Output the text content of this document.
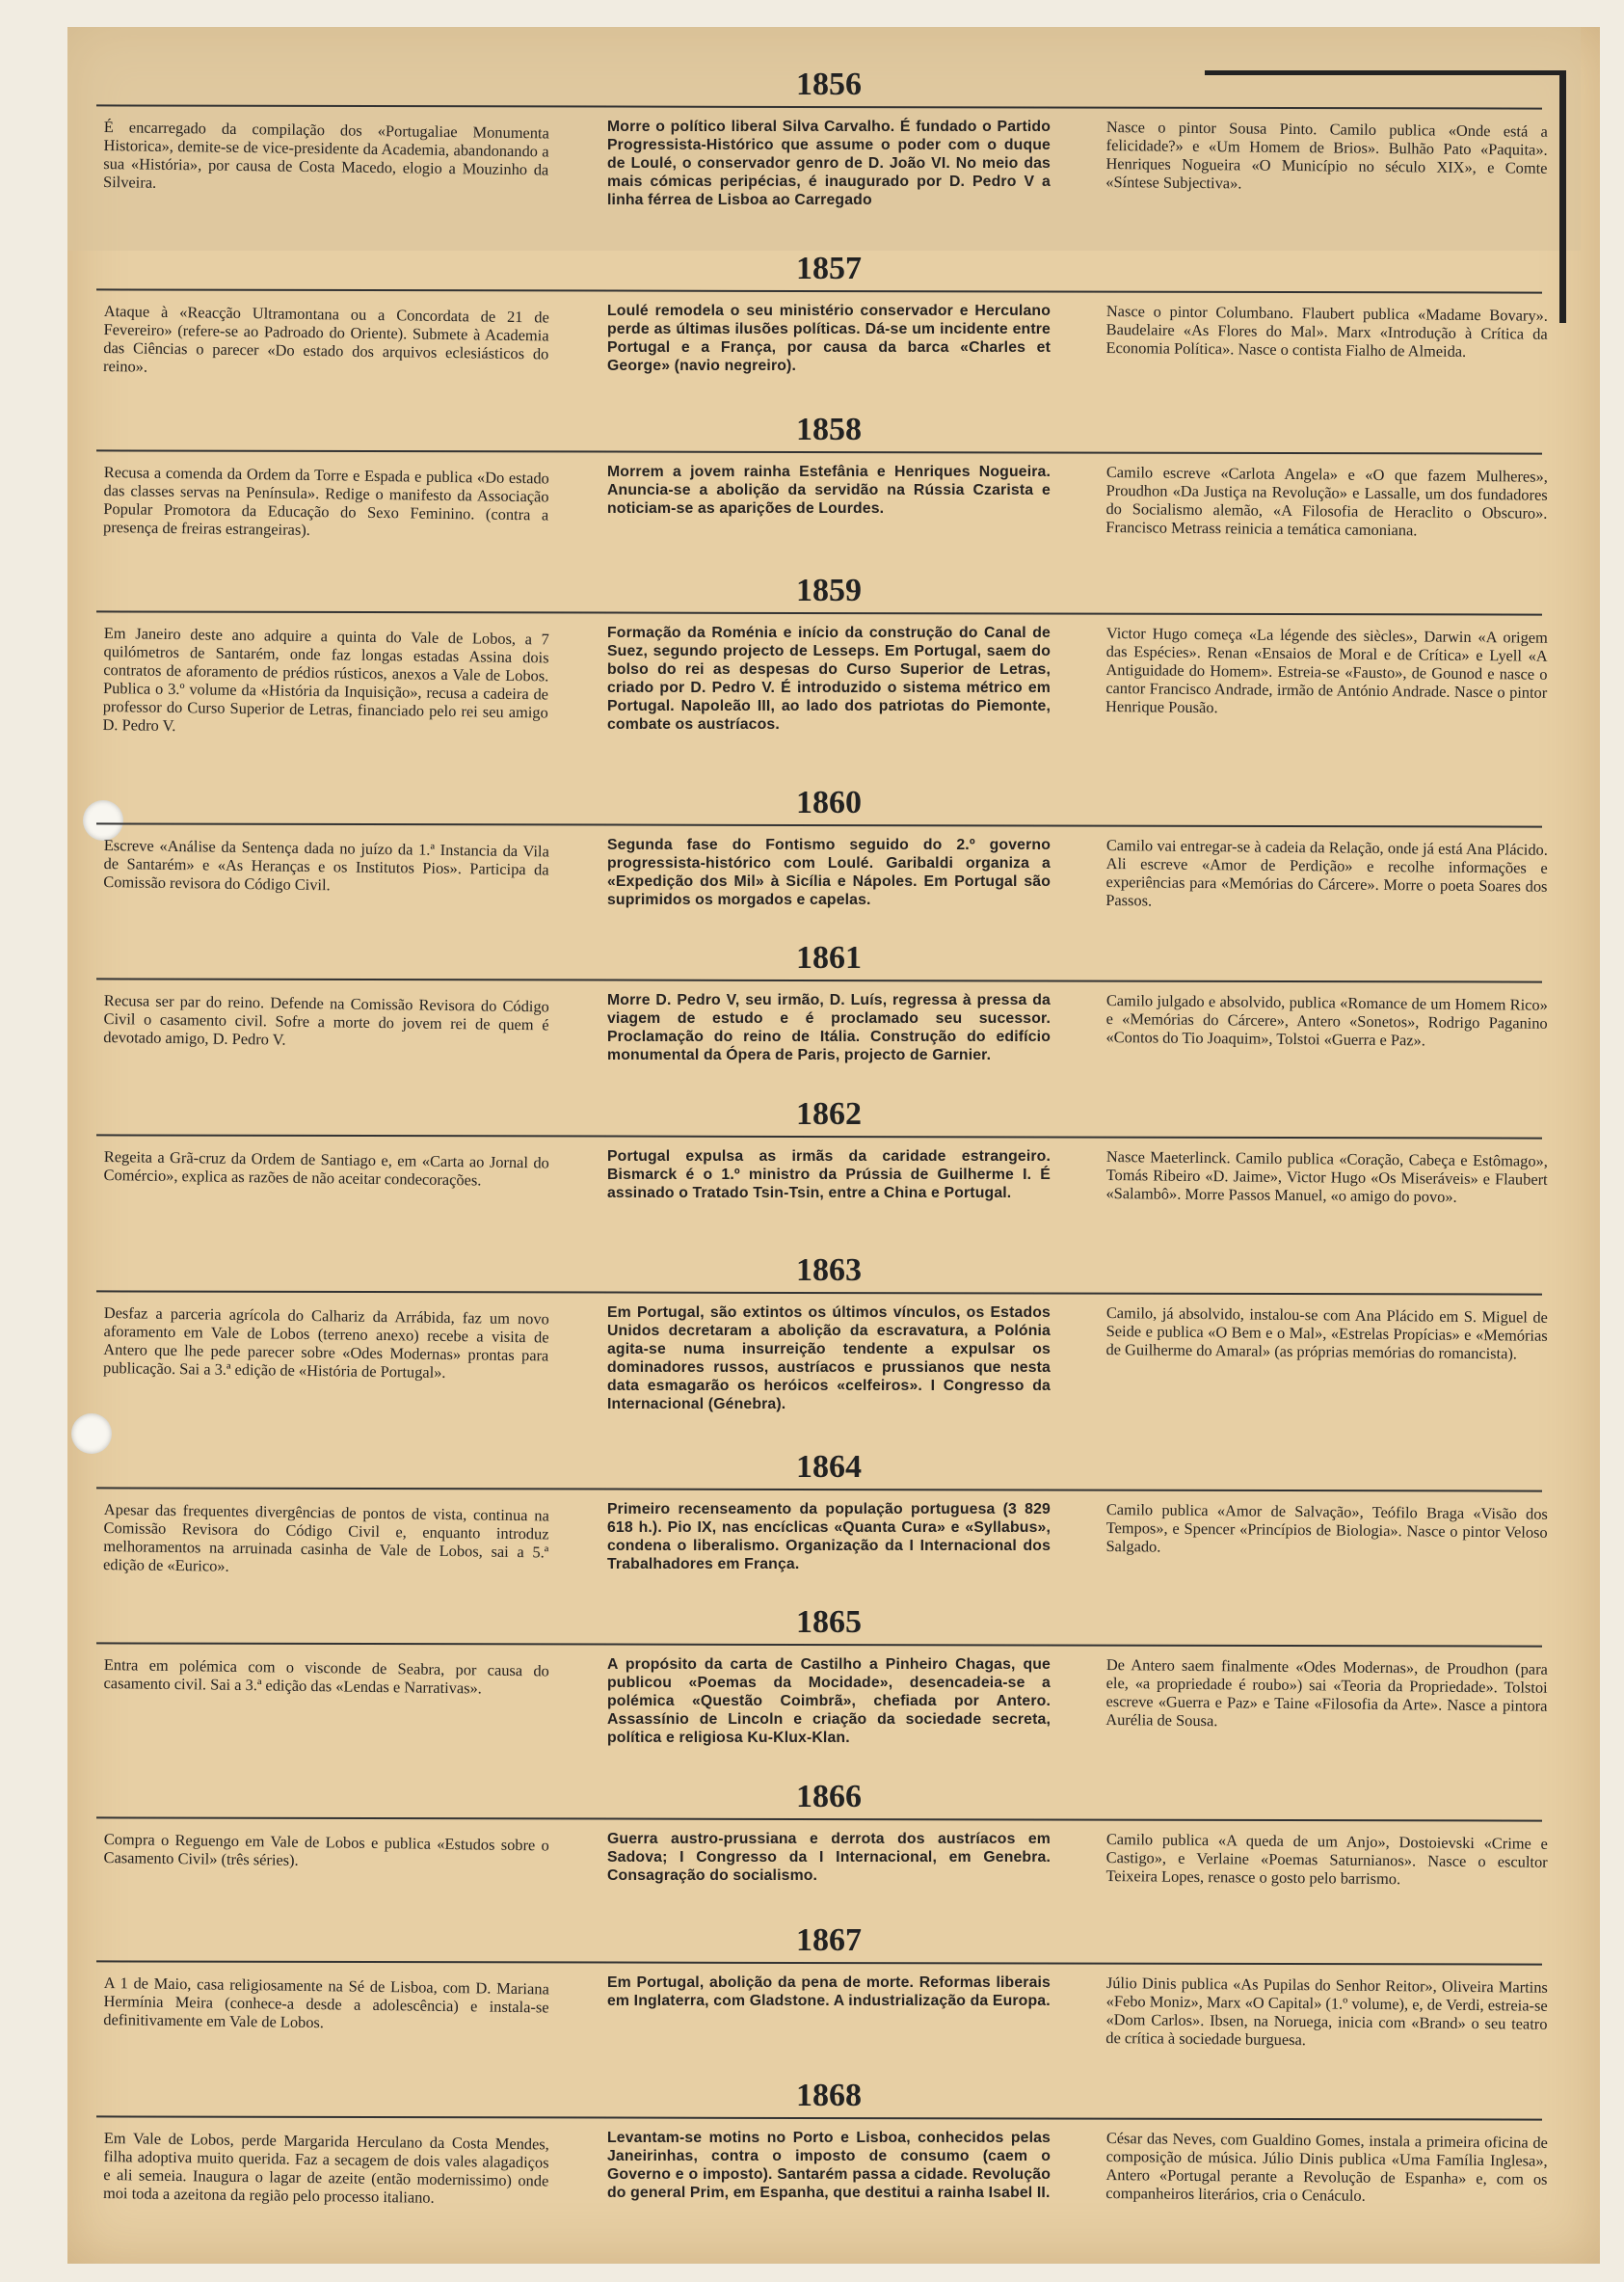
1856
É encarregado da compilação dos «Portugaliae Monumenta Historica», demite-se de vice-presidente da Academia, abandonando a sua «História», por causa de Costa Macedo, elogio a Mouzinho da Silveira.
Morre o político liberal Silva Carvalho. É fundado o Partido Progressista-Histórico que assume o poder com o duque de Loulé, o conservador genro de D. João VI. No meio das mais cómicas peripécias, é inaugurado por D. Pedro V a linha férrea de Lisboa ao Carregado
Nasce o pintor Sousa Pinto. Camilo publica «Onde está a felicidade?» e «Um Homem de Brios». Bulhão Pato «Paquita». Henriques Nogueira «O Município no século XIX», e Comte «Síntese Subjectiva».
1857
Ataque à «Reacção Ultramontana ou a Concordata de 21 de Fevereiro» (refere-se ao Padroado do Oriente). Submete à Academia das Ciências o parecer «Do estado dos arquivos eclesiásticos do reino».
Loulé remodela o seu ministério conservador e Herculano perde as últimas ilusões políticas. Dá-se um incidente entre Portugal e a França, por causa da barca «Charles et George» (navio negreiro).
Nasce o pintor Columbano. Flaubert publica «Madame Bovary». Baudelaire «As Flores do Mal». Marx «Introdução à Crítica da Economia Política». Nasce o contista Fialho de Almeida.
1858
Recusa a comenda da Ordem da Torre e Espada e publica «Do estado das classes servas na Península». Redige o manifesto da Associação Popular Promotora da Educação do Sexo Feminino. (contra a presença de freiras estrangeiras).
Morrem a jovem rainha Estefânia e Henriques Nogueira. Anuncia-se a abolição da servidão na Rússia Czarista e noticiam-se as aparições de Lourdes.
Camilo escreve «Carlota Angela» e «O que fazem Mulheres», Proudhon «Da Justiça na Revolução» e Lassalle, um dos fundadores do Socialismo alemão, «A Filosofia de Heraclito o Obscuro». Francisco Metrass reinicia a temática camoniana.
1859
Em Janeiro deste ano adquire a quinta do Vale de Lobos, a 7 quilómetros de Santarém, onde faz longas estadas Assina dois contratos de aforamento de prédios rústicos, anexos a Vale de Lobos. Publica o 3.º volume da «História da Inquisição», recusa a cadeira de professor do Curso Superior de Letras, financiado pelo rei seu amigo D. Pedro V.
Formação da Roménia e início da construção do Canal de Suez, segundo projecto de Lesseps. Em Portugal, saem do bolso do rei as despesas do Curso Superior de Letras, criado por D. Pedro V. É introduzido o sistema métrico em Portugal. Napoleão III, ao lado dos patriotas do Piemonte, combate os austríacos.
Victor Hugo começa «La légende des siècles», Darwin «A origem das Espécies». Renan «Ensaios de Moral e de Crítica» e Lyell «A Antiguidade do Homem». Estreia-se «Fausto», de Gounod e nasce o cantor Francisco Andrade, irmão de António Andrade. Nasce o pintor Henrique Pousão.
1860
Escreve «Análise da Sentença dada no juízo da 1.ª Instancia da Vila de Santarém» e «As Heranças e os Institutos Pios». Participa da Comissão revisora do Código Civil.
Segunda fase do Fontismo seguido do 2.º governo progressista-histórico com Loulé. Garibaldi organiza a «Expedição dos Mil» à Sicília e Nápoles. Em Portugal são suprimidos os morgados e capelas.
Camilo vai entregar-se à cadeia da Relação, onde já está Ana Plácido. Ali escreve «Amor de Perdição» e recolhe informações e experiências para «Memórias do Cárcere». Morre o poeta Soares dos Passos.
1861
Recusa ser par do reino. Defende na Comissão Revisora do Código Civil o casamento civil. Sofre a morte do jovem rei de quem é devotado amigo, D. Pedro V.
Morre D. Pedro V, seu irmão, D. Luís, regressa à pressa da viagem de estudo e é proclamado seu sucessor. Proclamação do reino de Itália. Construção do edifício monumental da Ópera de Paris, projecto de Garnier.
Camilo julgado e absolvido, publica «Romance de um Homem Rico» e «Memórias do Cárcere», Antero «Sonetos», Rodrigo Paganino «Contos do Tio Joaquim», Tolstoi «Guerra e Paz».
1862
Regeita a Grã-cruz da Ordem de Santiago e, em «Carta ao Jornal do Comércio», explica as razões de não aceitar condecorações.
Portugal expulsa as irmãs da caridade estrangeiro. Bismarck é o 1.º ministro da Prússia de Guilherme I. É assinado o Tratado Tsin-Tsin, entre a China e Portugal.
Nasce Maeterlinck. Camilo publica «Coração, Cabeça e Estômago», Tomás Ribeiro «D. Jaime», Victor Hugo «Os Miseráveis» e Flaubert «Salambô». Morre Passos Manuel, «o amigo do povo».
1863
Desfaz a parceria agrícola do Calhariz da Arrábida, faz um novo aforamento em Vale de Lobos (terreno anexo) recebe a visita de Antero que lhe pede parecer sobre «Odes Modernas» prontas para publicação. Sai a 3.ª edição de «História de Portugal».
Em Portugal, são extintos os últimos vínculos, os Estados Unidos decretaram a abolição da escravatura, a Polónia agita-se numa insurreição tendente a expulsar os dominadores russos, austríacos e prussianos que nesta data esmagarão os heróicos «celfeiros». I Congresso da Internacional (Génebra).
Camilo, já absolvido, instalou-se com Ana Plácido em S. Miguel de Seide e publica «O Bem e o Mal», «Estrelas Propícias» e «Memórias de Guilherme do Amaral» (as próprias memórias do romancista).
1864
Apesar das frequentes divergências de pontos de vista, continua na Comissão Revisora do Código Civil e, enquanto introduz melhoramentos na arruinada casinha de Vale de Lobos, sai a 5.ª edição de «Eurico».
Primeiro recenseamento da população portuguesa (3 829 618 h.). Pio IX, nas encíclicas «Quanta Cura» e «Syllabus», condena o liberalismo. Organização da I Internacional dos Trabalhadores em França.
Camilo publica «Amor de Salvação», Teófilo Braga «Visão dos Tempos», e Spencer «Princípios de Biologia». Nasce o pintor Veloso Salgado.
1865
Entra em polémica com o visconde de Seabra, por causa do casamento civil. Sai a 3.ª edição das «Lendas e Narrativas».
A propósito da carta de Castilho a Pinheiro Chagas, que publicou «Poemas da Mocidade», desencadeia-se a polémica «Questão Coimbrã», chefiada por Antero. Assassínio de Lincoln e criação da sociedade secreta, política e religiosa Ku-Klux-Klan.
De Antero saem finalmente «Odes Modernas», de Proudhon (para ele, «a propriedade é roubo») sai «Teoria da Propriedade». Tolstoi escreve «Guerra e Paz» e Taine «Filosofia da Arte». Nasce a pintora Aurélia de Sousa.
1866
Compra o Reguengo em Vale de Lobos e publica «Estudos sobre o Casamento Civil» (três séries).
Guerra austro-prussiana e derrota dos austríacos em Sadova; I Congresso da I Internacional, em Genebra. Consagração do socialismo.
Camilo publica «A queda de um Anjo», Dostoievski «Crime e Castigo», e Verlaine «Poemas Saturnianos». Nasce o escultor Teixeira Lopes, renasce o gosto pelo barrismo.
1867
A 1 de Maio, casa religiosamente na Sé de Lisboa, com D. Mariana Hermínia Meira (conhece-a desde a adolescência) e instala-se definitivamente em Vale de Lobos.
Em Portugal, abolição da pena de morte. Reformas liberais em Inglaterra, com Gladstone. A industrialização da Europa.
Júlio Dinis publica «As Pupilas do Senhor Reitor», Oliveira Martins «Febo Moniz», Marx «O Capital» (1.º volume), e, de Verdi, estreia-se «Dom Carlos». Ibsen, na Noruega, inicia com «Brand» o seu teatro de crítica à sociedade burguesa.
1868
Em Vale de Lobos, perde Margarida Herculano da Costa Mendes, filha adoptiva muito querida. Faz a secagem de dois vales alagadiços e ali semeia. Inaugura o lagar de azeite (então modernissimo) onde moi toda a azeitona da região pelo processo italiano.
Levantam-se motins no Porto e Lisboa, conhecidos pelas Janeirinhas, contra o imposto de consumo (caem o Governo e o imposto). Santarém passa a cidade. Revolução do general Prim, em Espanha, que destitui a rainha Isabel II.
César das Neves, com Gualdino Gomes, instala a primeira oficina de composição de música. Júlio Dinis publica «Uma Família Inglesa», Antero «Portugal perante a Revolução de Espanha» e, com os companheiros literários, cria o Cenáculo.
